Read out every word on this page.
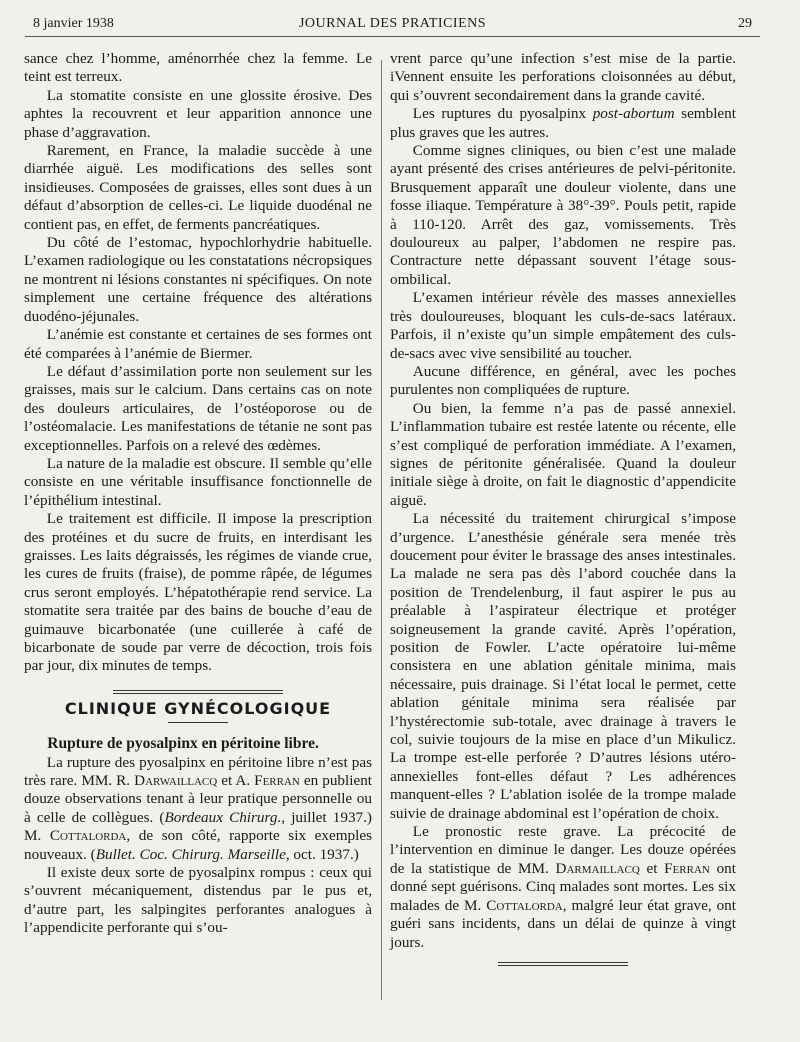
8 janvier 1938	JOURNAL DES PRATICIENS	29

sance chez l’homme, aménorrhée chez la femme. Le teint est terreux.

La stomatite consiste en une glossite érosive. Des aphtes la recouvrent et leur apparition annonce une phase d’aggravation.

Rarement, en France, la maladie succède à une diarrhée aiguë. Les modifications des selles sont insidieuses. Composées de graisses, elles sont dues à un défaut d’absorption de celles-ci. Le liquide duodénal ne contient pas, en effet, de ferments pancréatiques.

Du côté de l’estomac, hypochlorhydrie habituelle. L’examen radiologique ou les constatations nécropsiques ne montrent ni lésions constantes ni spécifiques. On note simplement une certaine fréquence des altérations duodéno-jéjunales.

L’anémie est constante et certaines de ses formes ont été comparées à l’anémie de Biermer.

Le défaut d’assimilation porte non seulement sur les graisses, mais sur le calcium. Dans certains cas on note des douleurs articulaires, de l’ostéoporose ou de l’ostéomalacie. Les manifestations de tétanie ne sont pas exceptionnelles. Parfois on a relevé des œdèmes.

La nature de la maladie est obscure. Il semble qu’elle consiste en une véritable insuffisance fonctionnelle de l’épithélium intestinal.

Le traitement est difficile. Il impose la prescription des protéines et du sucre de fruits, en interdisant les graisses. Les laits dégraissés, les régimes de viande crue, les cures de fruits (fraise), de pomme râpée, de légumes crus seront employés. L’hépatothérapie rend service. La stomatite sera traitée par des bains de bouche d’eau de guimauve bicarbonatée (une cuillerée à café de bicarbonate de soude par verre de décoction, trois fois par jour, dix minutes de temps.

CLINIQUE GYNÉCOLOGIQUE

Rupture de pyosalpinx en péritoine libre.

La rupture des pyosalpinx en péritoine libre n’est pas très rare. MM. R. Darwaillacq et A. Ferran en publient douze observations tenant à leur pratique personnelle ou à celle de collègues. (Bordeaux Chirurg., juillet 1937.) M. Cottalorda, de son côté, rapporte six exemples nouveaux. (Bullet. Coc. Chirurg. Marseille, oct. 1937.)

Il existe deux sorte de pyosalpinx rompus : ceux qui s’ouvrent mécaniquement, distendus par le pus et, d’autre part, les salpingites perforantes analogues à l’appendicite perforante qui s’ou-

vrent parce qu’une infection s’est mise de la partie. iVennent ensuite les perforations cloisonnées au début, qui s’ouvrent secondairement dans la grande cavité.

Les ruptures du pyosalpinx post-abortum semblent plus graves que les autres.

Comme signes cliniques, ou bien c’est une malade ayant présenté des crises antérieures de pelvi-péritonite. Brusquement apparaît une douleur violente, dans une fosse iliaque. Température à 38°-39°. Pouls petit, rapide à 110-120. Arrêt des gaz, vomissements. Très douloureux au palper, l’abdomen ne respire pas. Contracture nette dépassant souvent l’étage sous-ombilical.

L’examen intérieur révèle des masses annexielles très douloureuses, bloquant les culs-de-sacs latéraux. Parfois, il n’existe qu’un simple empâtement des culs-de-sacs avec vive sensibilité au toucher.

Aucune différence, en général, avec les poches purulentes non compliquées de rupture.

Ou bien, la femme n’a pas de passé annexiel. L’inflammation tubaire est restée latente ou récente, elle s’est compliqué de perforation immédiate. A l’examen, signes de péritonite généralisée. Quand la douleur initiale siège à droite, on fait le diagnostic d’appendicite aiguë.

La nécessité du traitement chirurgical s’impose d’urgence. L’anesthésie générale sera menée très doucement pour éviter le brassage des anses intestinales. La malade ne sera pas dès l’abord couchée dans la position de Trendelenburg, il faut aspirer le pus au préalable à l’aspirateur électrique et protéger soigneusement la grande cavité. Après l’opération, position de Fowler. L’acte opératoire lui-même consistera en une ablation génitale minima, mais nécessaire, puis drainage. Si l’état local le permet, cette ablation génitale minima sera réalisée par l’hystérectomie sub-totale, avec drainage à travers le col, suivie toujours de la mise en place d’un Mikulicz. La trompe est-elle perforée ? D’autres lésions utéro-annexielles font-elles défaut ? Les adhérences manquent-elles ? L’ablation isolée de la trompe malade suivie de drainage abdominal est l’opération de choix.

Le pronostic reste grave. La précocité de l’intervention en diminue le danger. Les douze opérées de la statistique de MM. Darmaillacq et Ferran ont donné sept guérisons. Cinq malades sont mortes. Les six malades de M. Cottalorda, malgré leur état grave, ont guéri sans incidents, dans un délai de quinze à vingt jours.
